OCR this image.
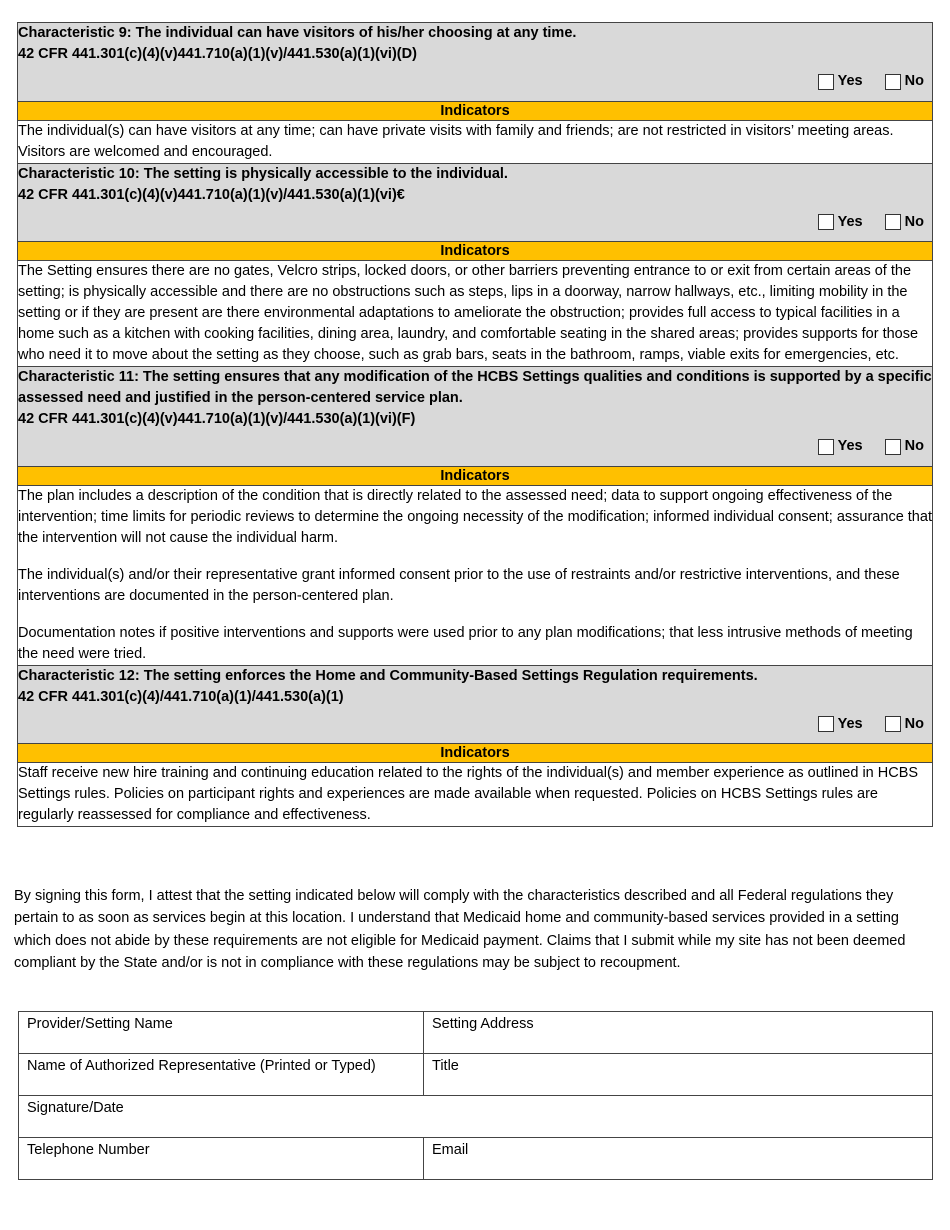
Characteristic 9: The individual can have visitors of his/her choosing at any time.
42 CFR 441.301(c)(4)(v)441.710(a)(1)(v)/441.530(a)(1)(vi)(D)
Yes
	No

Indicators

The individual(s) can have visitors at any time; can have private visits with family and friends; are not restricted in visitors’ meeting areas. Visitors are welcomed and encouraged.

Characteristic 10: The setting is physically accessible to the individual.
42 CFR 441.301(c)(4)(v)441.710(a)(1)(v)/441.530(a)(1)(vi)€
Yes
	No

Indicators

The Setting ensures there are no gates, Velcro strips, locked doors, or other barriers preventing entrance to or exit from certain areas of the setting; is physically accessible and there are no obstructions such as steps, lips in a doorway, narrow hallways, etc., limiting mobility in the setting or if they are present are there environmental adaptations to ameliorate the obstruction; provides full access to typical facilities in a home such as a kitchen with cooking facilities, dining area, laundry, and comfortable seating in the shared areas; provides supports for those who need it to move about the setting as they choose, such as grab bars, seats in the bathroom, ramps, viable exits for emergencies, etc.

Characteristic 11: The setting ensures that any modification of the HCBS Settings qualities and conditions is supported by a specific assessed need and justified in the person-centered service plan.
42 CFR 441.301(c)(4)(v)441.710(a)(1)(v)/441.530(a)(1)(vi)(F)
Yes
	No

Indicators

The plan includes a description of the condition that is directly related to the assessed need; data to support ongoing effectiveness of the intervention; time limits for periodic reviews to determine the ongoing necessity of the modification; informed individual consent; assurance that the intervention will not cause the individual harm.

The individual(s) and/or their representative grant informed consent prior to the use of restraints and/or restrictive interventions, and these interventions are documented in the person-centered plan.

Documentation notes if positive interventions and supports were used prior to any plan modifications; that less intrusive methods of meeting the need were tried.

Characteristic 12: The setting enforces the Home and Community-Based Settings Regulation requirements.
42 CFR 441.301(c)(4)/441.710(a)(1)/441.530(a)(1)
Yes
	No

Indicators

Staff receive new hire training and continuing education related to the rights of the individual(s) and member experience as outlined in HCBS Settings rules. Policies on participant rights and experiences are made available when requested. Policies on HCBS Settings rules are regularly reassessed for compliance and effectiveness.

By signing this form, I attest that the setting indicated below will comply with the characteristics described and all Federal regulations they pertain to as soon as services begin at this location. I understand that Medicaid home and community-based services provided in a setting which does not abide by these requirements are not eligible for Medicaid payment. Claims that I submit while my site has not been deemed compliant by the State and/or is not in compliance with these regulations may be subject to recoupment.
Provider/Setting Name	Setting Address
Name of Authorized Representative (Printed or Typed)	Title
Signature/Date	
Telephone Number	Email
